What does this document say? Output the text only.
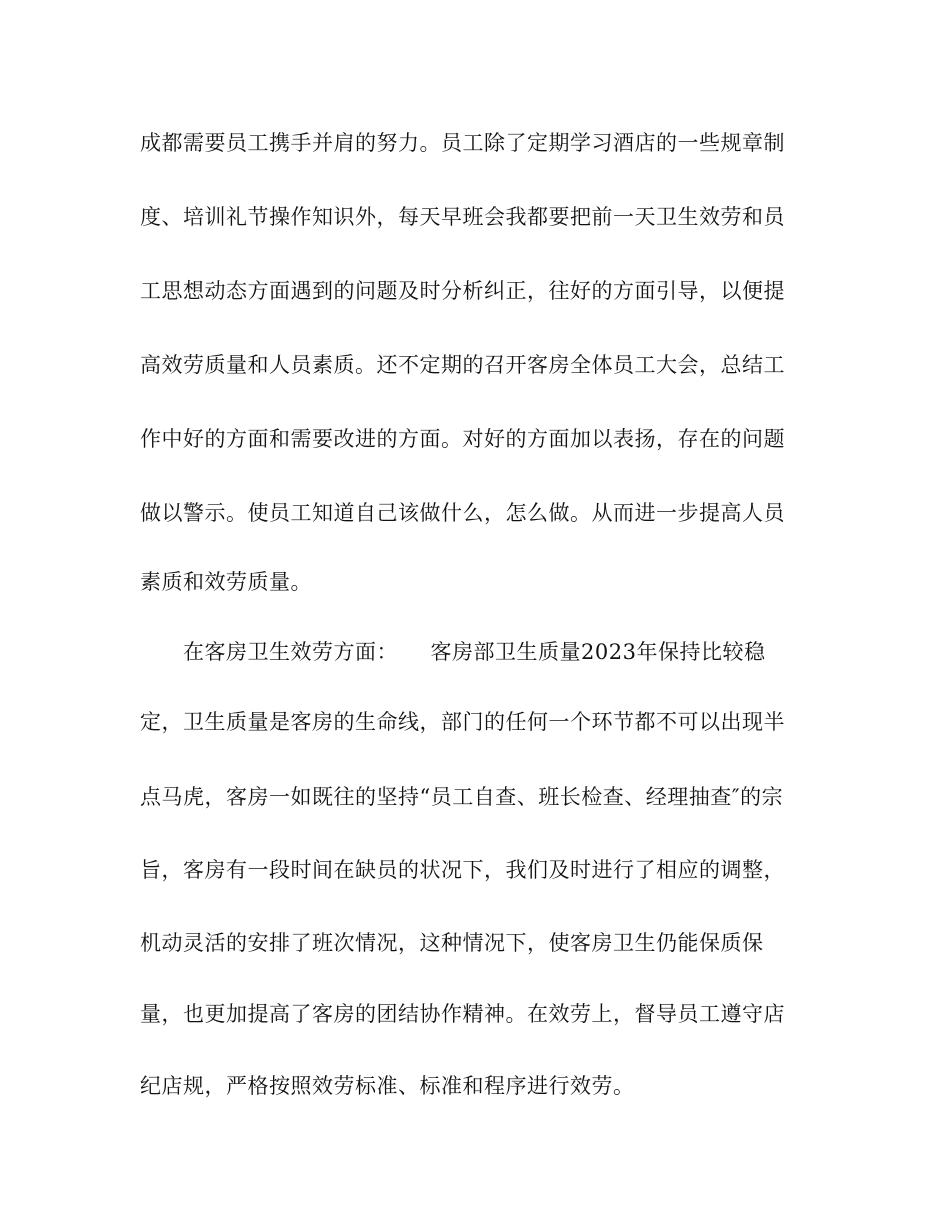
成都需要员工携手并肩的努力。员工除了定期学习酒店的一些规章制
度、培训礼节操作知识外，每天早班会我都要把前一天卫生效劳和员
工思想动态方面遇到的问题及时分析纠正，往好的方面引导，以便提
高效劳质量和人员素质。还不定期的召开客房全体员工大会，总结工
作中好的方面和需要改进的方面。对好的方面加以表扬，存在的问题
做以警示。使员工知道自己该做什么，怎么做。从而进一步提高人员
素质和效劳质量。
在客房卫生效劳方面：　　客房部卫生质量2023年保持比较稳
定，卫生质量是客房的生命线，部门的任何一个环节都不可以出现半
点马虎，客房一如既往的坚持“员工自查、班长检查、经理抽查″的宗
旨，客房有一段时间在缺员的状况下，我们及时进行了相应的调整，
机动灵活的安排了班次情况，这种情况下，使客房卫生仍能保质保
量，也更加提高了客房的团结协作精神。在效劳上，督导员工遵守店
纪店规，严格按照效劳标准、标准和程序进行效劳。
